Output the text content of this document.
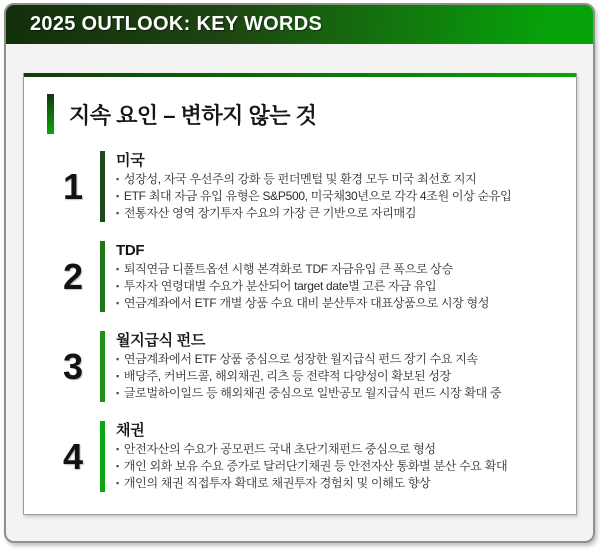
2025 OUTLOOK: KEY WORDS
지속 요인 – 변하지 않는 것
1
미국
▪ 성장성, 자국 우선주의 강화 등 펀더멘털 및 환경 모두 미국 최선호 지지
▪ ETF 최대 자금 유입 유형은 S&P500, 미국채30년으로 각각 4조원 이상 순유입
▪ 전통자산 영역 장기투자 수요의 가장 큰 기반으로 자리매김
2
TDF
▪ 퇴직연금 디폴트옵션 시행 본격화로 TDF 자금유입 큰 폭으로 상승
▪ 투자자 연령대별 수요가 분산되어 target date별 고른 자금 유입
▪ 연금계좌에서 ETF 개별 상품 수요 대비 분산투자 대표상품으로 시장 형성
3
월지급식 펀드
▪ 연금계좌에서 ETF 상품 중심으로 성장한 월지급식 펀드 장기 수요 지속
▪ 배당주, 커버드콜, 해외채권, 리츠 등 전략적 다양성이 확보된 성장
▪ 글로벌하이일드 등 해외채권 중심으로 일반공모 월지급식 펀드 시장 확대 중
4
채권
▪ 안전자산의 수요가 공모펀드 국내 초단기채펀드 중심으로 형성
▪ 개인 외화 보유 수요 증가로 달러단기채권 등 안전자산 통화별 분산 수요 확대
▪ 개인의 채권 직접투자 확대로 채권투자 경험치 및 이해도 향상
